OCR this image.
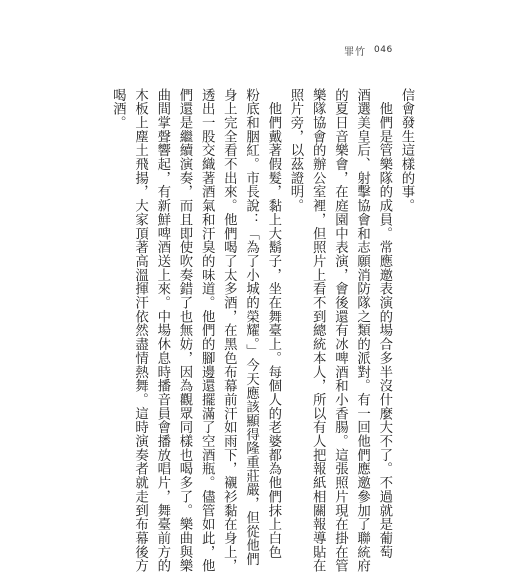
罪竹 046

信會發生這樣的事。

　他們是管樂隊的成員。常應邀表演的場合多半沒什麼大不了。不過就是葡萄
酒選美皇后、射擊協會和志願消防隊之類的派對。有一回他們應邀參加了聯統府
的夏日音樂會，在庭園中表演，會後還有冰啤酒和小香腸。這張照片現在掛在管
樂隊協會的辦公室裡，但照片上看不到總統本人，所以有人把報紙相關報導貼在
照片旁，以茲證明。

　他們戴著假髮，黏上大鬍子，坐在舞臺上。每個人的老婆都為他們抹上白色
粉底和胭紅。市長說：「為了小城的榮耀。」今天應該顯得隆重莊嚴，但從他們
身上完全看不出來。他們喝了太多酒，在黑色布幕前汗如雨下，襯衫黏在身上，
透出一股交織著酒氣和汗臭的味道。他們的腳邊還擺滿了空酒瓶。儘管如此，他
們還是繼續演奏，而且即使吹奏錯了也無妨，因為觀眾同樣也喝多了。樂曲與樂
曲間掌聲響起，有新鮮啤酒送上來。中場休息時播音員會播放唱片，舞臺前方的
木板上塵土飛揚，大家頂著高溫揮汗依然盡情熱舞。這時演奏者就走到布幕後方
喝酒。
